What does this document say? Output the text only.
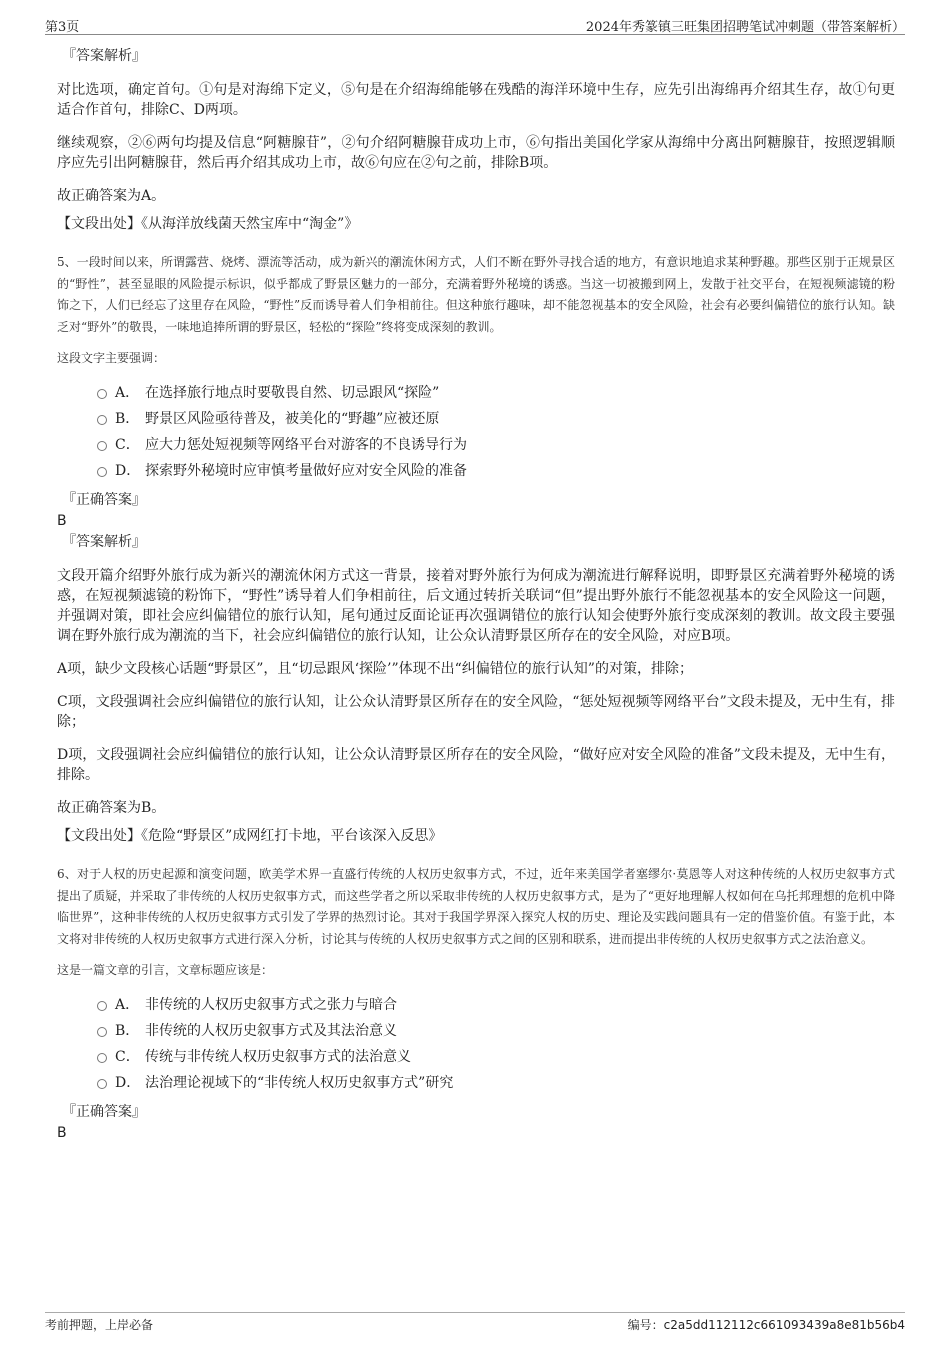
第3页	2024年秀篆镇三旺集团招聘笔试冲刺题（带答案解析）

『答案解析』

对比选项，确定首句。①句是对海绵下定义，⑤句是在介绍海绵能够在残酷的海洋环境中生存，应先引出海绵再介绍其生存，故①句更适合作首句，排除C、D两项。

继续观察，②⑥两句均提及信息“阿糖腺苷”，②句介绍阿糖腺苷成功上市，⑥句指出美国化学家从海绵中分离出阿糖腺苷，按照逻辑顺序应先引出阿糖腺苷，然后再介绍其成功上市，故⑥句应在②句之前，排除B项。

故正确答案为A。

【文段出处】《从海洋放线菌天然宝库中“淘金”》

5、一段时间以来，所谓露营、烧烤、漂流等活动，成为新兴的潮流休闲方式，人们不断在野外寻找合适的地方，有意识地追求某种野趣。那些区别于正规景区的“野性”，甚至显眼的风险提示标识，似乎都成了野景区魅力的一部分，充满着野外秘境的诱惑。当这一切被搬到网上，发散于社交平台，在短视频滤镜的粉饰之下，人们已经忘了这里存在风险，“野性”反而诱导着人们争相前往。但这种旅行趣味，却不能忽视基本的安全风险，社会有必要纠偏错位的旅行认知。缺乏对“野外”的敬畏，一味地追捧所谓的野景区，轻松的“探险”终将变成深刻的教训。

这段文字主要强调：

A． 在选择旅行地点时要敬畏自然、切忌跟风“探险”
B． 野景区风险亟待普及，被美化的“野趣”应被还原
C． 应大力惩处短视频等网络平台对游客的不良诱导行为
D． 探索野外秘境时应审慎考量做好应对安全风险的准备

『正确答案』

B

『答案解析』

文段开篇介绍野外旅行成为新兴的潮流休闲方式这一背景，接着对野外旅行为何成为潮流进行解释说明，即野景区充满着野外秘境的诱惑，在短视频滤镜的粉饰下，“野性”诱导着人们争相前往，后文通过转折关联词“但”提出野外旅行不能忽视基本的安全风险这一问题，并强调对策，即社会应纠偏错位的旅行认知，尾句通过反面论证再次强调错位的旅行认知会使野外旅行变成深刻的教训。故文段主要强调在野外旅行成为潮流的当下，社会应纠偏错位的旅行认知，让公众认清野景区所存在的安全风险，对应B项。

A项，缺少文段核心话题“野景区”，且“切忌跟风‘探险’”体现不出“纠偏错位的旅行认知”的对策，排除；

C项，文段强调社会应纠偏错位的旅行认知，让公众认清野景区所存在的安全风险，“惩处短视频等网络平台”文段未提及，无中生有，排除；

D项，文段强调社会应纠偏错位的旅行认知，让公众认清野景区所存在的安全风险，“做好应对安全风险的准备”文段未提及，无中生有，排除。

故正确答案为B。

【文段出处】《危险“野景区”成网红打卡地，平台该深入反思》

6、对于人权的历史起源和演变问题，欧美学术界一直盛行传统的人权历史叙事方式，不过，近年来美国学者塞缪尔·莫恩等人对这种传统的人权历史叙事方式提出了质疑，并采取了非传统的人权历史叙事方式，而这些学者之所以采取非传统的人权历史叙事方式，是为了“更好地理解人权如何在乌托邦理想的危机中降临世界”，这种非传统的人权历史叙事方式引发了学界的热烈讨论。其对于我国学界深入探究人权的历史、理论及实践问题具有一定的借鉴价值。有鉴于此，本文将对非传统的人权历史叙事方式进行深入分析，讨论其与传统的人权历史叙事方式之间的区别和联系，进而提出非传统的人权历史叙事方式之法治意义。

这是一篇文章的引言，文章标题应该是：

A． 非传统的人权历史叙事方式之张力与暗合
B． 非传统的人权历史叙事方式及其法治意义
C． 传统与非传统人权历史叙事方式的法治意义
D． 法治理论视域下的“非传统人权历史叙事方式”研究

『正确答案』

B

考前押题，上岸必备	编号：c2a5dd112112c661093439a8e81b56b4
